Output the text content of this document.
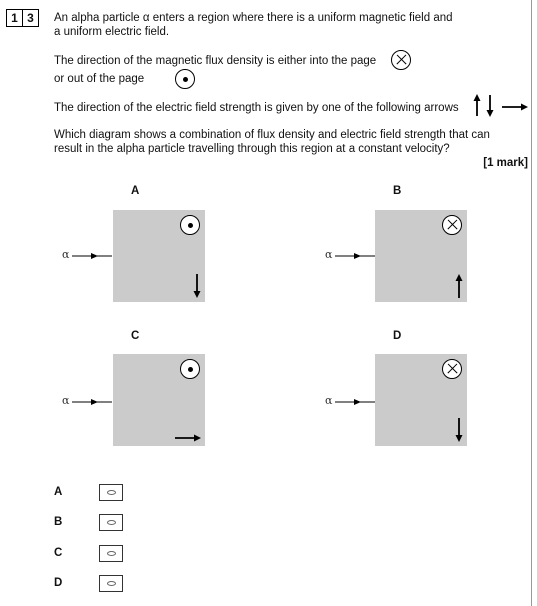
1 3	An alpha particle α enters a region where there is a uniform magnetic field and
a uniform electric field.
The direction of the magnetic flux density is either into the page

or out of the page
The direction of the electric field strength is given by one of the following arrows
Which diagram shows a combination of flux density and electric field strength that can
result in the alpha particle travelling through this region at a constant velocity?
[1 mark]
A
α
B
α
C
α
D
α
A
B
C
D
